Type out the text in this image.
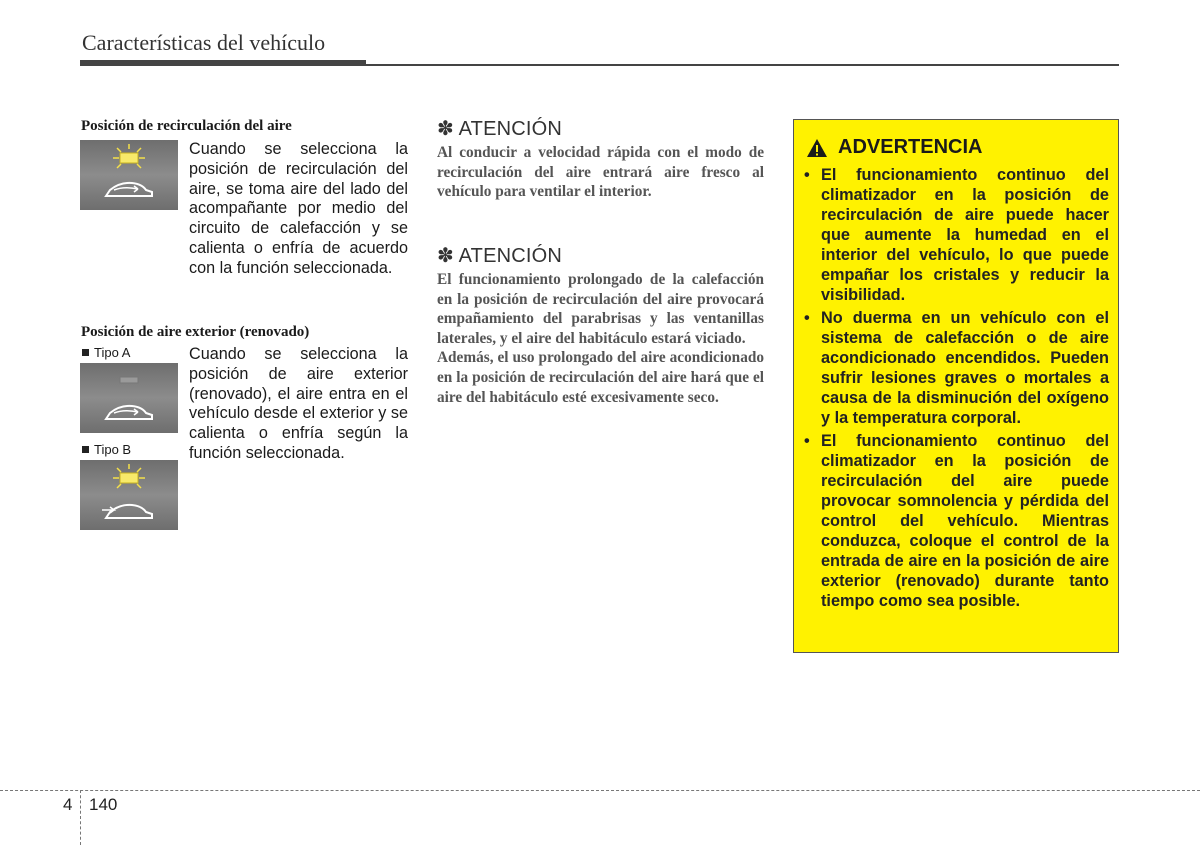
Características del vehículo
Posición de recirculación del aire
Cuando se selecciona la posición de recirculación del aire, se toma aire del lado del acompañante por medio del circuito de calefacción y se calienta o enfría de acuerdo con la función seleccionada.
Posición de aire exterior (renovado)
Tipo A
Tipo B
Cuando se selecciona la posición de aire exterior (renovado), el aire entra en el vehículo desde el exterior y se calienta o enfría según la función seleccionada.
✽ ATENCIÓN

Al conducir a velocidad rápida con el modo de recirculación del aire entrará aire fresco al vehículo para ventilar el interior.

✽ ATENCIÓN

El funcionamiento prolongado de la calefacción en la posición de recirculación del aire provocará empañamiento del parabrisas y las ventanillas laterales, y el aire del habitáculo estará viciado.

Además, el uso prolongado del aire acondicionado en la posición de recirculación del aire hará que el aire del habitáculo esté excesivamente seco.

ADVERTENCIA
• El funcionamiento continuo del climatizador en la posición de recirculación de aire puede hacer que aumente la humedad en el interior del vehículo, lo que puede empañar los cristales y reducir la visibilidad.
• No duerma en un vehículo con el sistema de calefacción o de aire acondicionado encendidos. Pueden sufrir lesiones graves o mortales a causa de la disminución del oxígeno y la temperatura corporal.
• El funcionamiento continuo del climatizador en la posición de recirculación del aire puede provocar somnolencia y pérdida del control del vehículo. Mientras conduzca, coloque el control de la entrada de aire en la posición de aire exterior (renovado) durante tanto tiempo como sea posible.
4 140
